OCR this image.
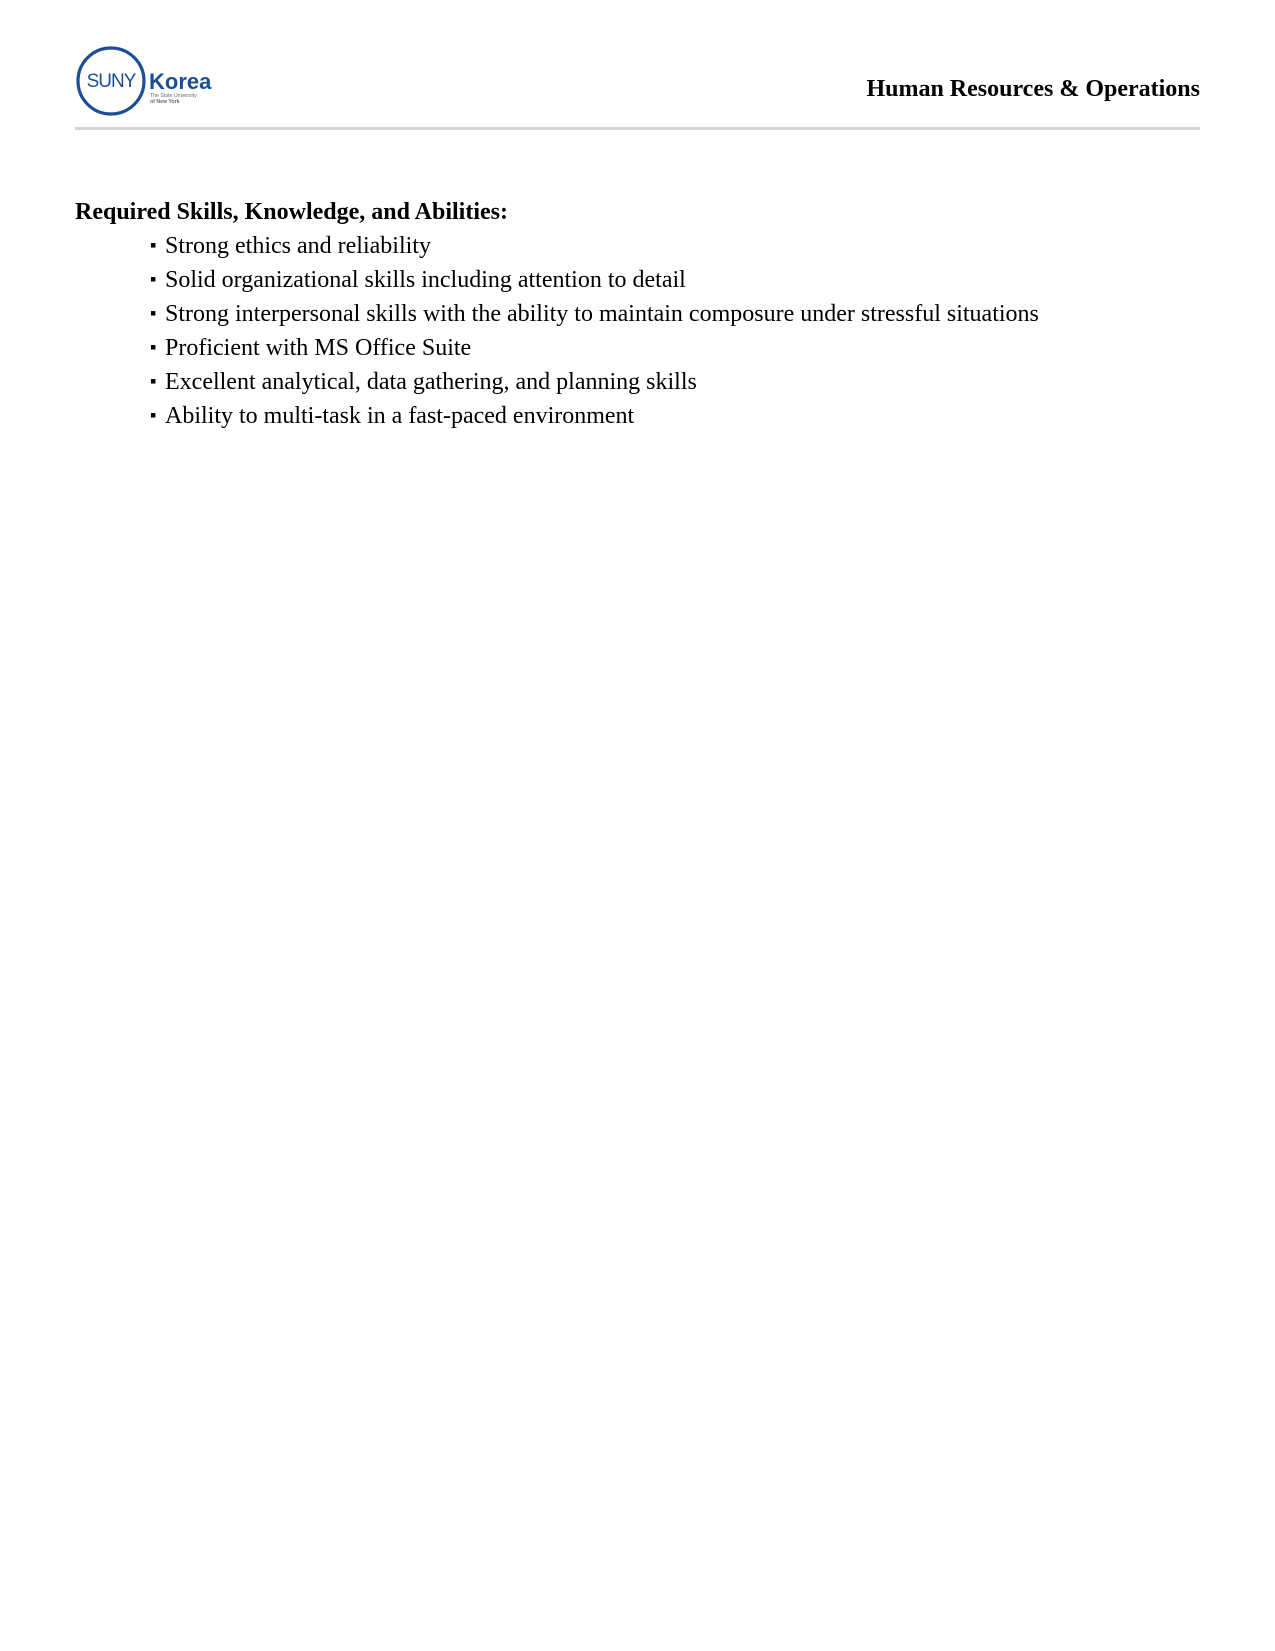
SUNY Korea
The State University
of New York	Human Resources & Operations
Required Skills, Knowledge, and Abilities:
▪ Strong ethics and reliability
▪ Solid organizational skills including attention to detail
▪ Strong interpersonal skills with the ability to maintain composure under stressful situations
▪ Proficient with MS Office Suite
▪ Excellent analytical, data gathering, and planning skills
▪ Ability to multi-task in a fast-paced environment
